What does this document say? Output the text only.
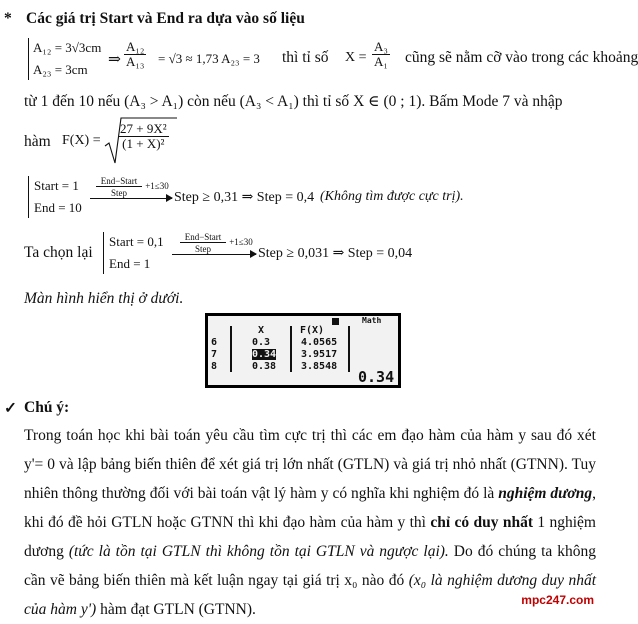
* Các giá trị Start và End ra dựa vào số liệu
A₁₂ = 3√3cm
A₂₃ = 3cm
⇒ $\frac{\text{A₁₂}}{\text{A₁₃}} = √3 \approx 1,73$ A₂₃ = 3 thì tỉ số $X = \frac{\text{A₃}}{\text{A₁}}$ cũng sẽ nằm cỡ vào trong các khoảng
từ 1 đến 10 nếu (A₃ > A₁) còn nếu (A₃ < A₁) thì tỉ số X ∈ (0 ; 1). Bấm Mode 7 và nhập
hàm $F(X) = \frac{\text{27 + 9X²}}{\text{(1 + X)²}}$
Start = 1
End = 10
End−Start
Step
+1≤30
Step ≥ 0,31 ⇒ Step = 0,4 (Không tìm được cực trị).
Ta chọn lại
Start = 0,1
End = 1
End−Start
Step
+1≤30
Step ≥ 0,031 ⇒ Step = 0,04
Màn hình hiển thị ở dưới.
Math
X	F(X)
6	0.3	4.0565
7	0.34 3.9517
8	0.38 3.8548
0.34
✓ Chú ý:
Trong toán học khi bài toán yêu cầu tìm cực trị thì các em đạo hàm của hàm y sau đó xét y'= 0 và lập bảng biến thiên để xét giá trị lớn nhất (GTLN) và giá trị nhỏ nhất (GTNN). Tuy nhiên thông thường đối với bài toán vật lý hàm y có nghĩa khi nghiệm đó là nghiệm dương, khi đó đề hỏi GTLN hoặc GTNN thì khi đạo hàm của hàm y thì chỉ có duy nhất 1 nghiệm dương (tức là tồn tại GTLN thì không tồn tại GTLN và ngược lại). Do đó chúng ta không cần vẽ bảng biến thiên mà kết luận ngay tại giá trị x₀ nào đó (x₀ là nghiệm dương duy nhất của hàm y') hàm đạt GTLN (GTNN).
mpc247.com
